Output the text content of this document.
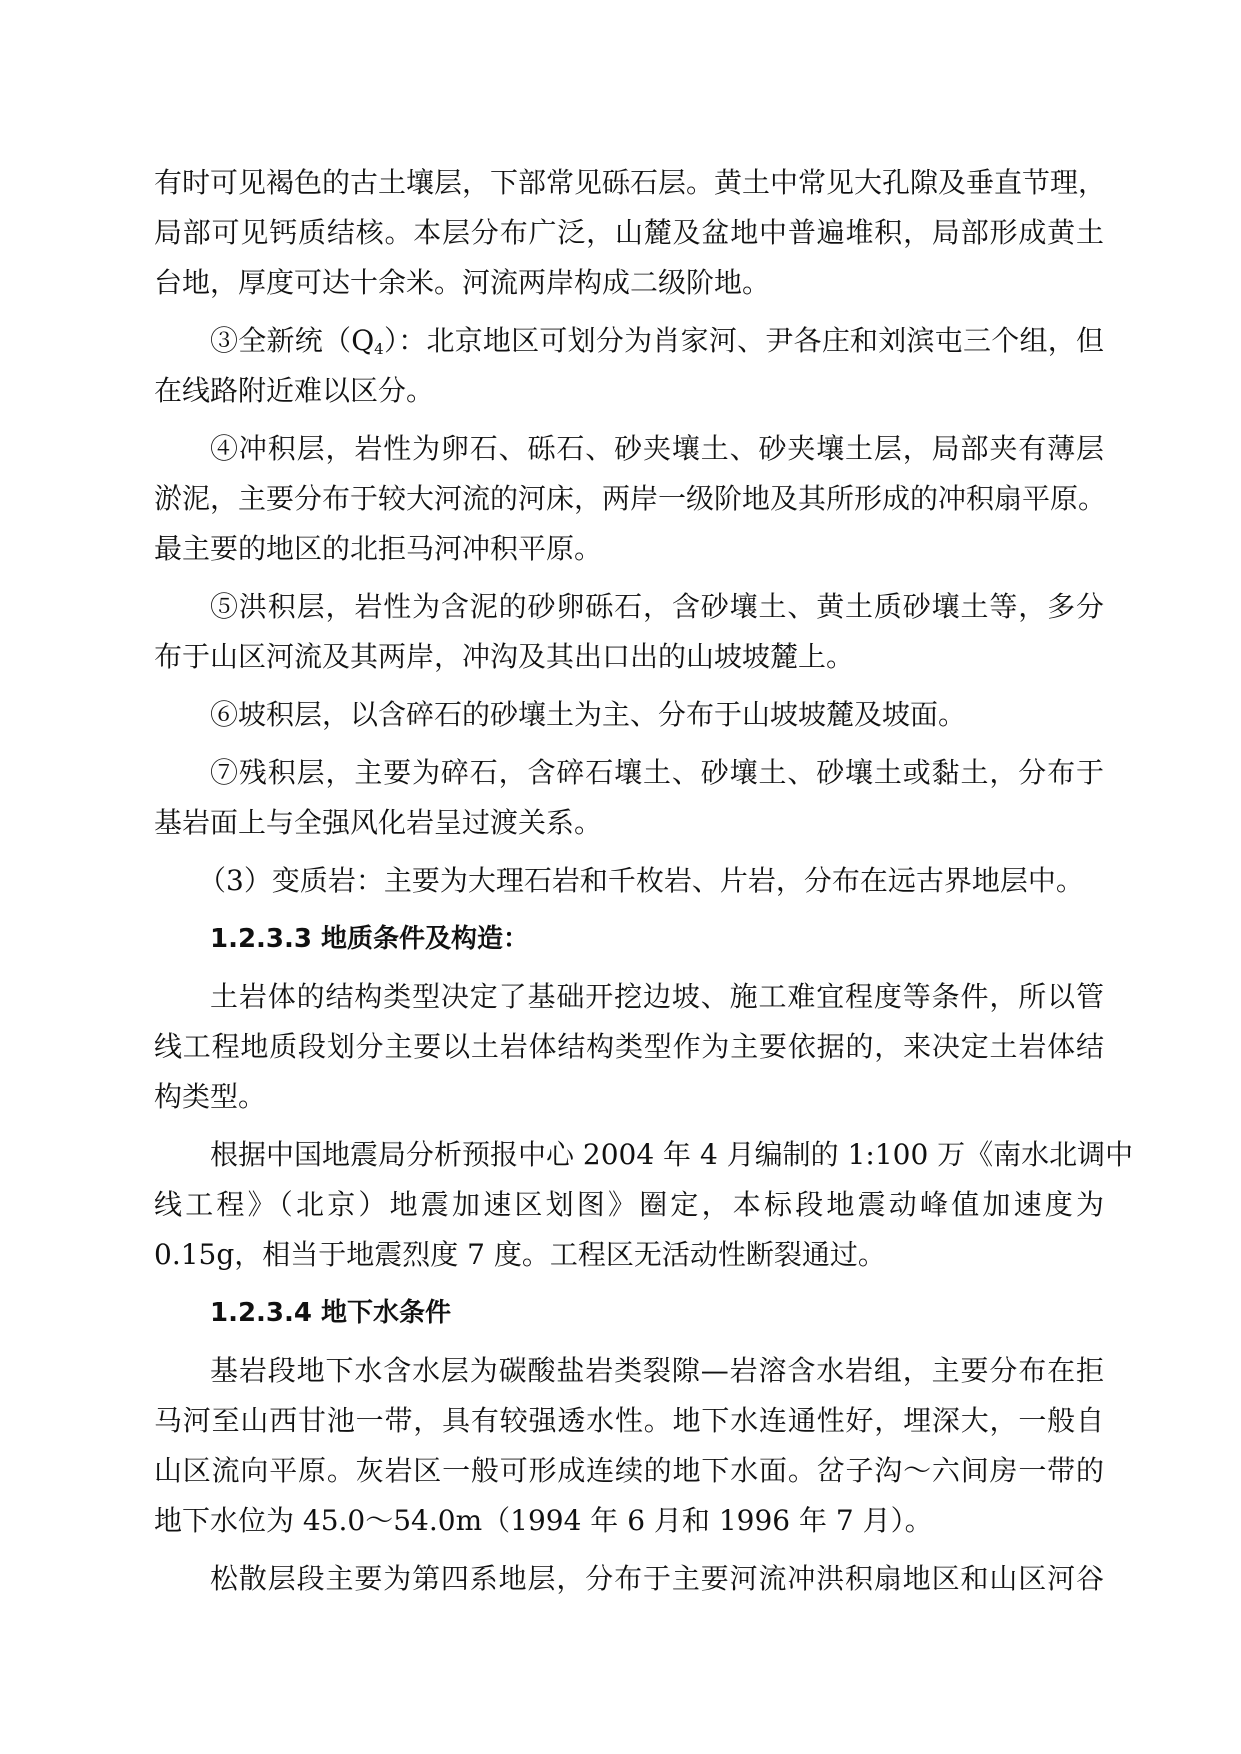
有时可见褐色的古土壤层，下部常见砾石层。黄土中常见大孔隙及垂直节理，
局部可见钙质结核。本层分布广泛，山麓及盆地中普遍堆积，局部形成黄土
台地，厚度可达十余米。河流两岸构成二级阶地。
③全新统$(Q_4)$：北京地区可划分为肖家河、尹各庄和刘滨屯三个组，但
在线路附近难以区分。
④冲积层，岩性为卵石、砾石、砂夹壤土、砂夹壤土层，局部夹有薄层
淤泥，主要分布于较大河流的河床，两岸一级阶地及其所形成的冲积扇平原。
最主要的地区的北拒马河冲积平原。
⑤洪积层，岩性为含泥的砂卵砾石，含砂壤土、黄土质砂壤土等，多分
布于山区河流及其两岸，冲沟及其出口出的山坡坡麓上。
⑥坡积层，以含碎石的砂壤土为主、分布于山坡坡麓及坡面。
⑦残积层，主要为碎石，含碎石壤土、砂壤土、砂壤土或黏土，分布于
基岩面上与全强风化岩呈过渡关系。
（3）变质岩：主要为大理石岩和千枚岩、片岩，分布在远古界地层中。
1.2.3.3 地质条件及构造：
土岩体的结构类型决定了基础开挖边坡、施工难宜程度等条件，所以管
线工程地质段划分主要以土岩体结构类型作为主要依据的，来决定土岩体结
构类型。
根据中国地震局分析预报中心 2004 年 4 月编制的 1:100 万《南水北调中
线工程》（北京）地震加速区划图》圈定，本标段地震动峰值加速度为
0.15g，相当于地震烈度 7 度。工程区无活动性断裂通过。
1.2.3.4 地下水条件
基岩段地下水含水层为碳酸盐岩类裂隙—岩溶含水岩组，主要分布在拒
马河至山西甘池一带，具有较强透水性。地下水连通性好，埋深大，一般自
山区流向平原。灰岩区一般可形成连续的地下水面。岔子沟～六间房一带的
地下水位为 45.0～54.0m（1994 年 6 月和 1996 年 7 月）。
松散层段主要为第四系地层，分布于主要河流冲洪积扇地区和山区河谷
